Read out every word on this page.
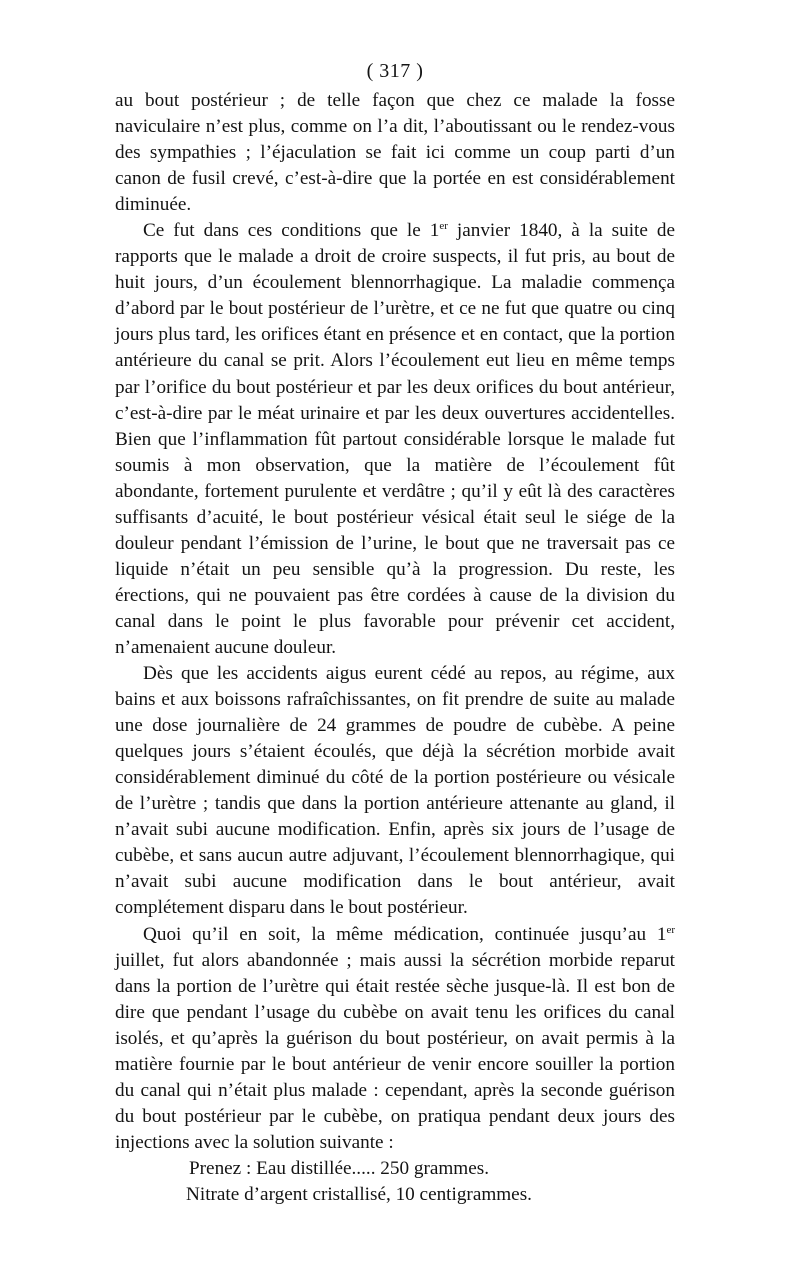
( 317 )

au bout postérieur ; de telle façon que chez ce malade la fosse naviculaire n’est plus, comme on l’a dit, l’aboutissant ou le rendez-vous des sympathies ; l’éjaculation se fait ici comme un coup parti d’un canon de fusil crevé, c’est-à-dire que la portée en est considérablement diminuée.

Ce fut dans ces conditions que le 1er janvier 1840, à la suite de rapports que le malade a droit de croire suspects, il fut pris, au bout de huit jours, d’un écoulement blennorrhagique. La maladie commença d’abord par le bout postérieur de l’urètre, et ce ne fut que quatre ou cinq jours plus tard, les orifices étant en présence et en contact, que la portion antérieure du canal se prit. Alors l’écoulement eut lieu en même temps par l’orifice du bout postérieur et par les deux orifices du bout antérieur, c’est-à-dire par le méat urinaire et par les deux ouvertures accidentelles. Bien que l’inflammation fût partout considérable lorsque le malade fut soumis à mon observation, que la matière de l’écoulement fût abondante, fortement purulente et verdâtre ; qu’il y eût là des caractères suffisants d’acuité, le bout postérieur vésical était seul le siége de la douleur pendant l’émission de l’urine, le bout que ne traversait pas ce liquide n’était un peu sensible qu’à la progression. Du reste, les érections, qui ne pouvaient pas être cordées à cause de la division du canal dans le point le plus favorable pour prévenir cet accident, n’amenaient aucune douleur.

Dès que les accidents aigus eurent cédé au repos, au régime, aux bains et aux boissons rafraîchissantes, on fit prendre de suite au malade une dose journalière de 24 grammes de poudre de cubèbe. A peine quelques jours s’étaient écoulés, que déjà la sécrétion morbide avait considérablement diminué du côté de la portion postérieure ou vésicale de l’urètre ; tandis que dans la portion antérieure attenante au gland, il n’avait subi aucune modification. Enfin, après six jours de l’usage de cubèbe, et sans aucun autre adjuvant, l’écoulement blennorrhagique, qui n’avait subi aucune modification dans le bout antérieur, avait complétement disparu dans le bout postérieur.

Quoi qu’il en soit, la même médication, continuée jusqu’au 1er juillet, fut alors abandonnée ; mais aussi la sécrétion morbide reparut dans la portion de l’urètre qui était restée sèche jusque-là. Il est bon de dire que pendant l’usage du cubèbe on avait tenu les orifices du canal isolés, et qu’après la guérison du bout postérieur, on avait permis à la matière fournie par le bout antérieur de venir encore souiller la portion du canal qui n’était plus malade : cependant, après la seconde guérison du bout postérieur par le cubèbe, on pratiqua pendant deux jours des injections avec la solution suivante :

Prenez : Eau distillée..... 250 grammes.

Nitrate d’argent cristallisé, 10 centigrammes.
